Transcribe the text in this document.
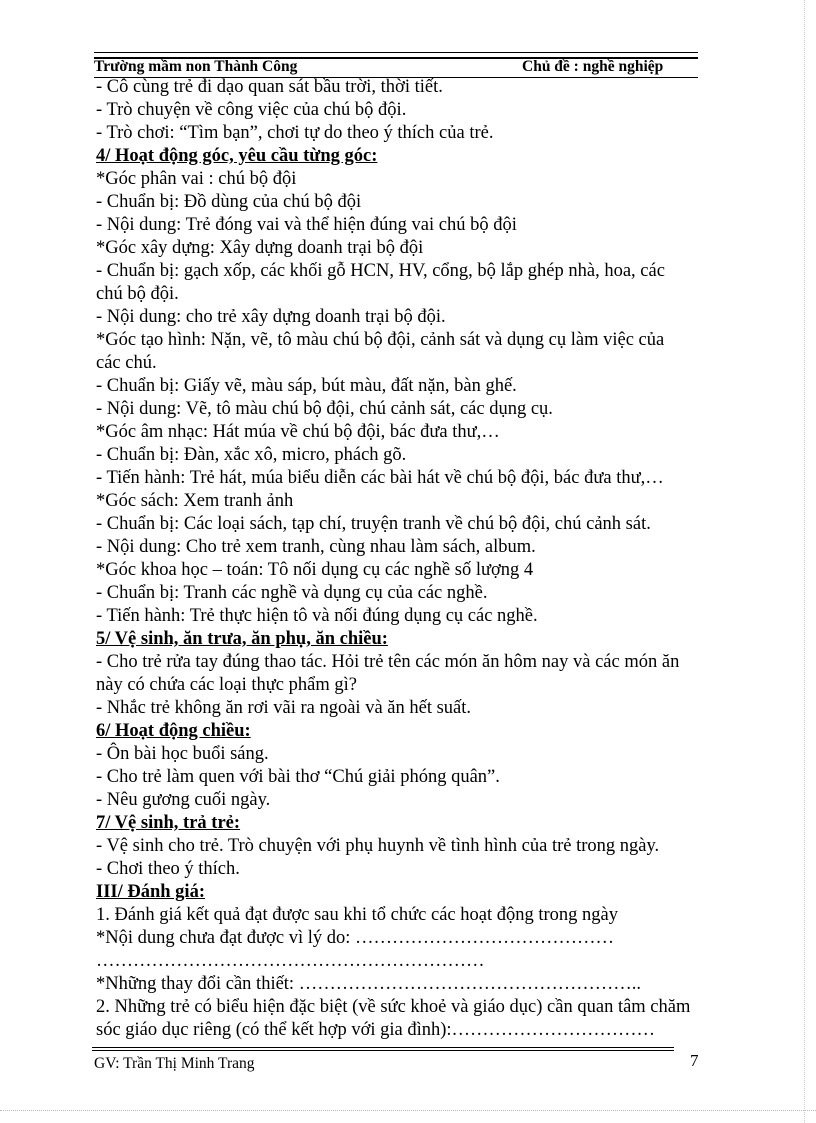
Trường mầm non Thành Công	Chủ đề : nghề nghiệp
- Cô cùng trẻ đi dạo quan sát bầu trời, thời tiết.
- Trò chuyện về công việc của chú bộ đội.
- Trò chơi: “Tìm bạn”, chơi tự do theo ý thích của trẻ.
4/ Hoạt động góc, yêu cầu từng góc:
*Góc phân vai : chú bộ đội
- Chuẩn bị: Đồ dùng của chú bộ đội
- Nội dung: Trẻ đóng vai và thể hiện đúng vai chú bộ đội
*Góc xây dựng: Xây dựng doanh trại bộ đội
- Chuẩn bị: gạch xốp, các khối gỗ HCN, HV, cổng, bộ lắp ghép nhà, hoa, các
chú bộ đội.
- Nội dung: cho trẻ xây dựng doanh trại bộ đội.
*Góc tạo hình: Nặn, vẽ, tô màu chú bộ đội, cảnh sát và dụng cụ làm việc của
các chú.
- Chuẩn bị: Giấy vẽ, màu sáp, bút màu, đất nặn, bàn ghế.
- Nội dung: Vẽ, tô màu chú bộ đội, chú cảnh sát, các dụng cụ.
*Góc âm nhạc: Hát múa về chú bộ đội, bác đưa thư,…
- Chuẩn bị: Đàn, xắc xô, micro, phách gõ.
- Tiến hành: Trẻ hát, múa biểu diễn các bài hát về chú bộ đội, bác đưa thư,…
*Góc sách: Xem tranh ảnh
- Chuẩn bị: Các loại sách, tạp chí, truyện tranh về chú bộ đội, chú cảnh sát.
- Nội dung: Cho trẻ xem tranh, cùng nhau làm sách, album.
*Góc khoa học – toán: Tô nối dụng cụ các nghề số lượng 4
- Chuẩn bị: Tranh các nghề và dụng cụ của các nghề.
- Tiến hành: Trẻ thực hiện tô và nối đúng dụng cụ các nghề.
5/ Vệ sinh, ăn trưa, ăn phụ, ăn chiều:
- Cho trẻ rửa tay đúng thao tác. Hỏi trẻ tên các món ăn hôm nay và các món ăn
này có chứa các loại thực phẩm gì?
- Nhắc trẻ không ăn rơi vãi ra ngoài và ăn hết suất.
6/ Hoạt động chiều:
- Ôn bài học buổi sáng.
- Cho trẻ làm quen với bài thơ “Chú giải phóng quân”.
- Nêu gương cuối ngày.
7/ Vệ sinh, trả trẻ:
- Vệ sinh cho trẻ. Trò chuyện với phụ huynh về tình hình của trẻ trong ngày.
- Chơi theo ý thích.
III/ Đánh giá:
1. Đánh giá kết quả đạt được sau khi tổ chức các hoạt động trong ngày
*Nội dung chưa đạt được vì lý do: ……………………………………
………………………………………………………
*Những thay đổi cần thiết: ………………………………………………..
2. Những trẻ có biểu hiện đặc biệt (về sức khoẻ và giáo dục) cần quan tâm chăm
sóc giáo dục riêng (có thể kết hợp với gia đình):……………………………
GV: Trần Thị Minh Trang	7
